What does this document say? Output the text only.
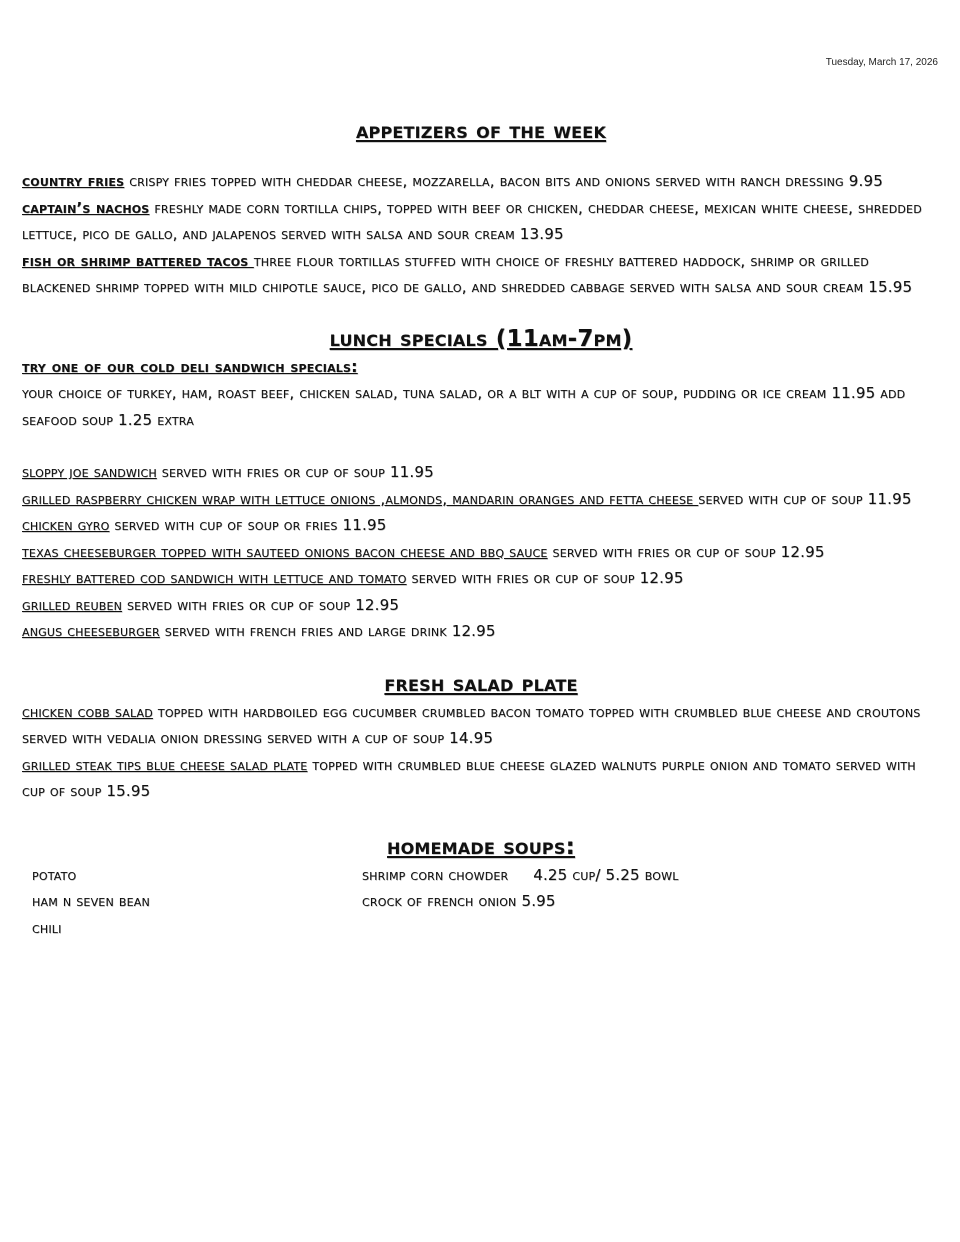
Tuesday, March 17, 2026
appetizers of the week

country fries crispy fries topped with cheddar cheese, mozzarella, bacon bits and onions served with ranch dressing 9.95

captain’s nachos freshly made corn tortilla chips, topped with beef or chicken, cheddar cheese, mexican white cheese, shredded lettuce, pico de gallo, and jalapenos served with salsa and sour cream 13.95

fish or shrimp battered tacos three flour tortillas stuffed with choice of freshly battered haddock, shrimp or grilled blackened shrimp topped with mild chipotle sauce, pico de gallo, and shredded cabbage served with salsa and sour cream 15.95

lunch specials (11am-7pm)

try one of our cold deli sandwich specials:

your choice of turkey, ham, roast beef, chicken salad, tuna salad, or a blt with a cup of soup, pudding or ice cream 11.95 add seafood soup 1.25 extra

sloppy joe sandwich served with fries or cup of soup 11.95

grilled raspberry chicken wrap with lettuce onions ,almonds, mandarin oranges and fetta cheese served with cup of soup 11.95

chicken gyro served with cup of soup or fries 11.95

texas cheeseburger topped with sauteed onions bacon cheese and bbq sauce served with fries or cup of soup 12.95

freshly battered cod sandwich with lettuce and tomato served with fries or cup of soup 12.95

grilled reuben served with fries or cup of soup 12.95

angus cheeseburger served with french fries and large drink 12.95

fresh salad plate

chicken cobb salad topped with hardboiled egg cucumber crumbled bacon tomato topped with crumbled blue cheese and croutons served with vedalia onion dressing served with a cup of soup 14.95

grilled steak tips blue cheese salad plate topped with crumbled blue cheese glazed walnuts purple onion and tomato served with cup of soup 15.95

homemade soups:

potato

ham n seven bean

chili

shrimp corn chowder     4.25 cup/ 5.25 bowl

crock of french onion 5.95
